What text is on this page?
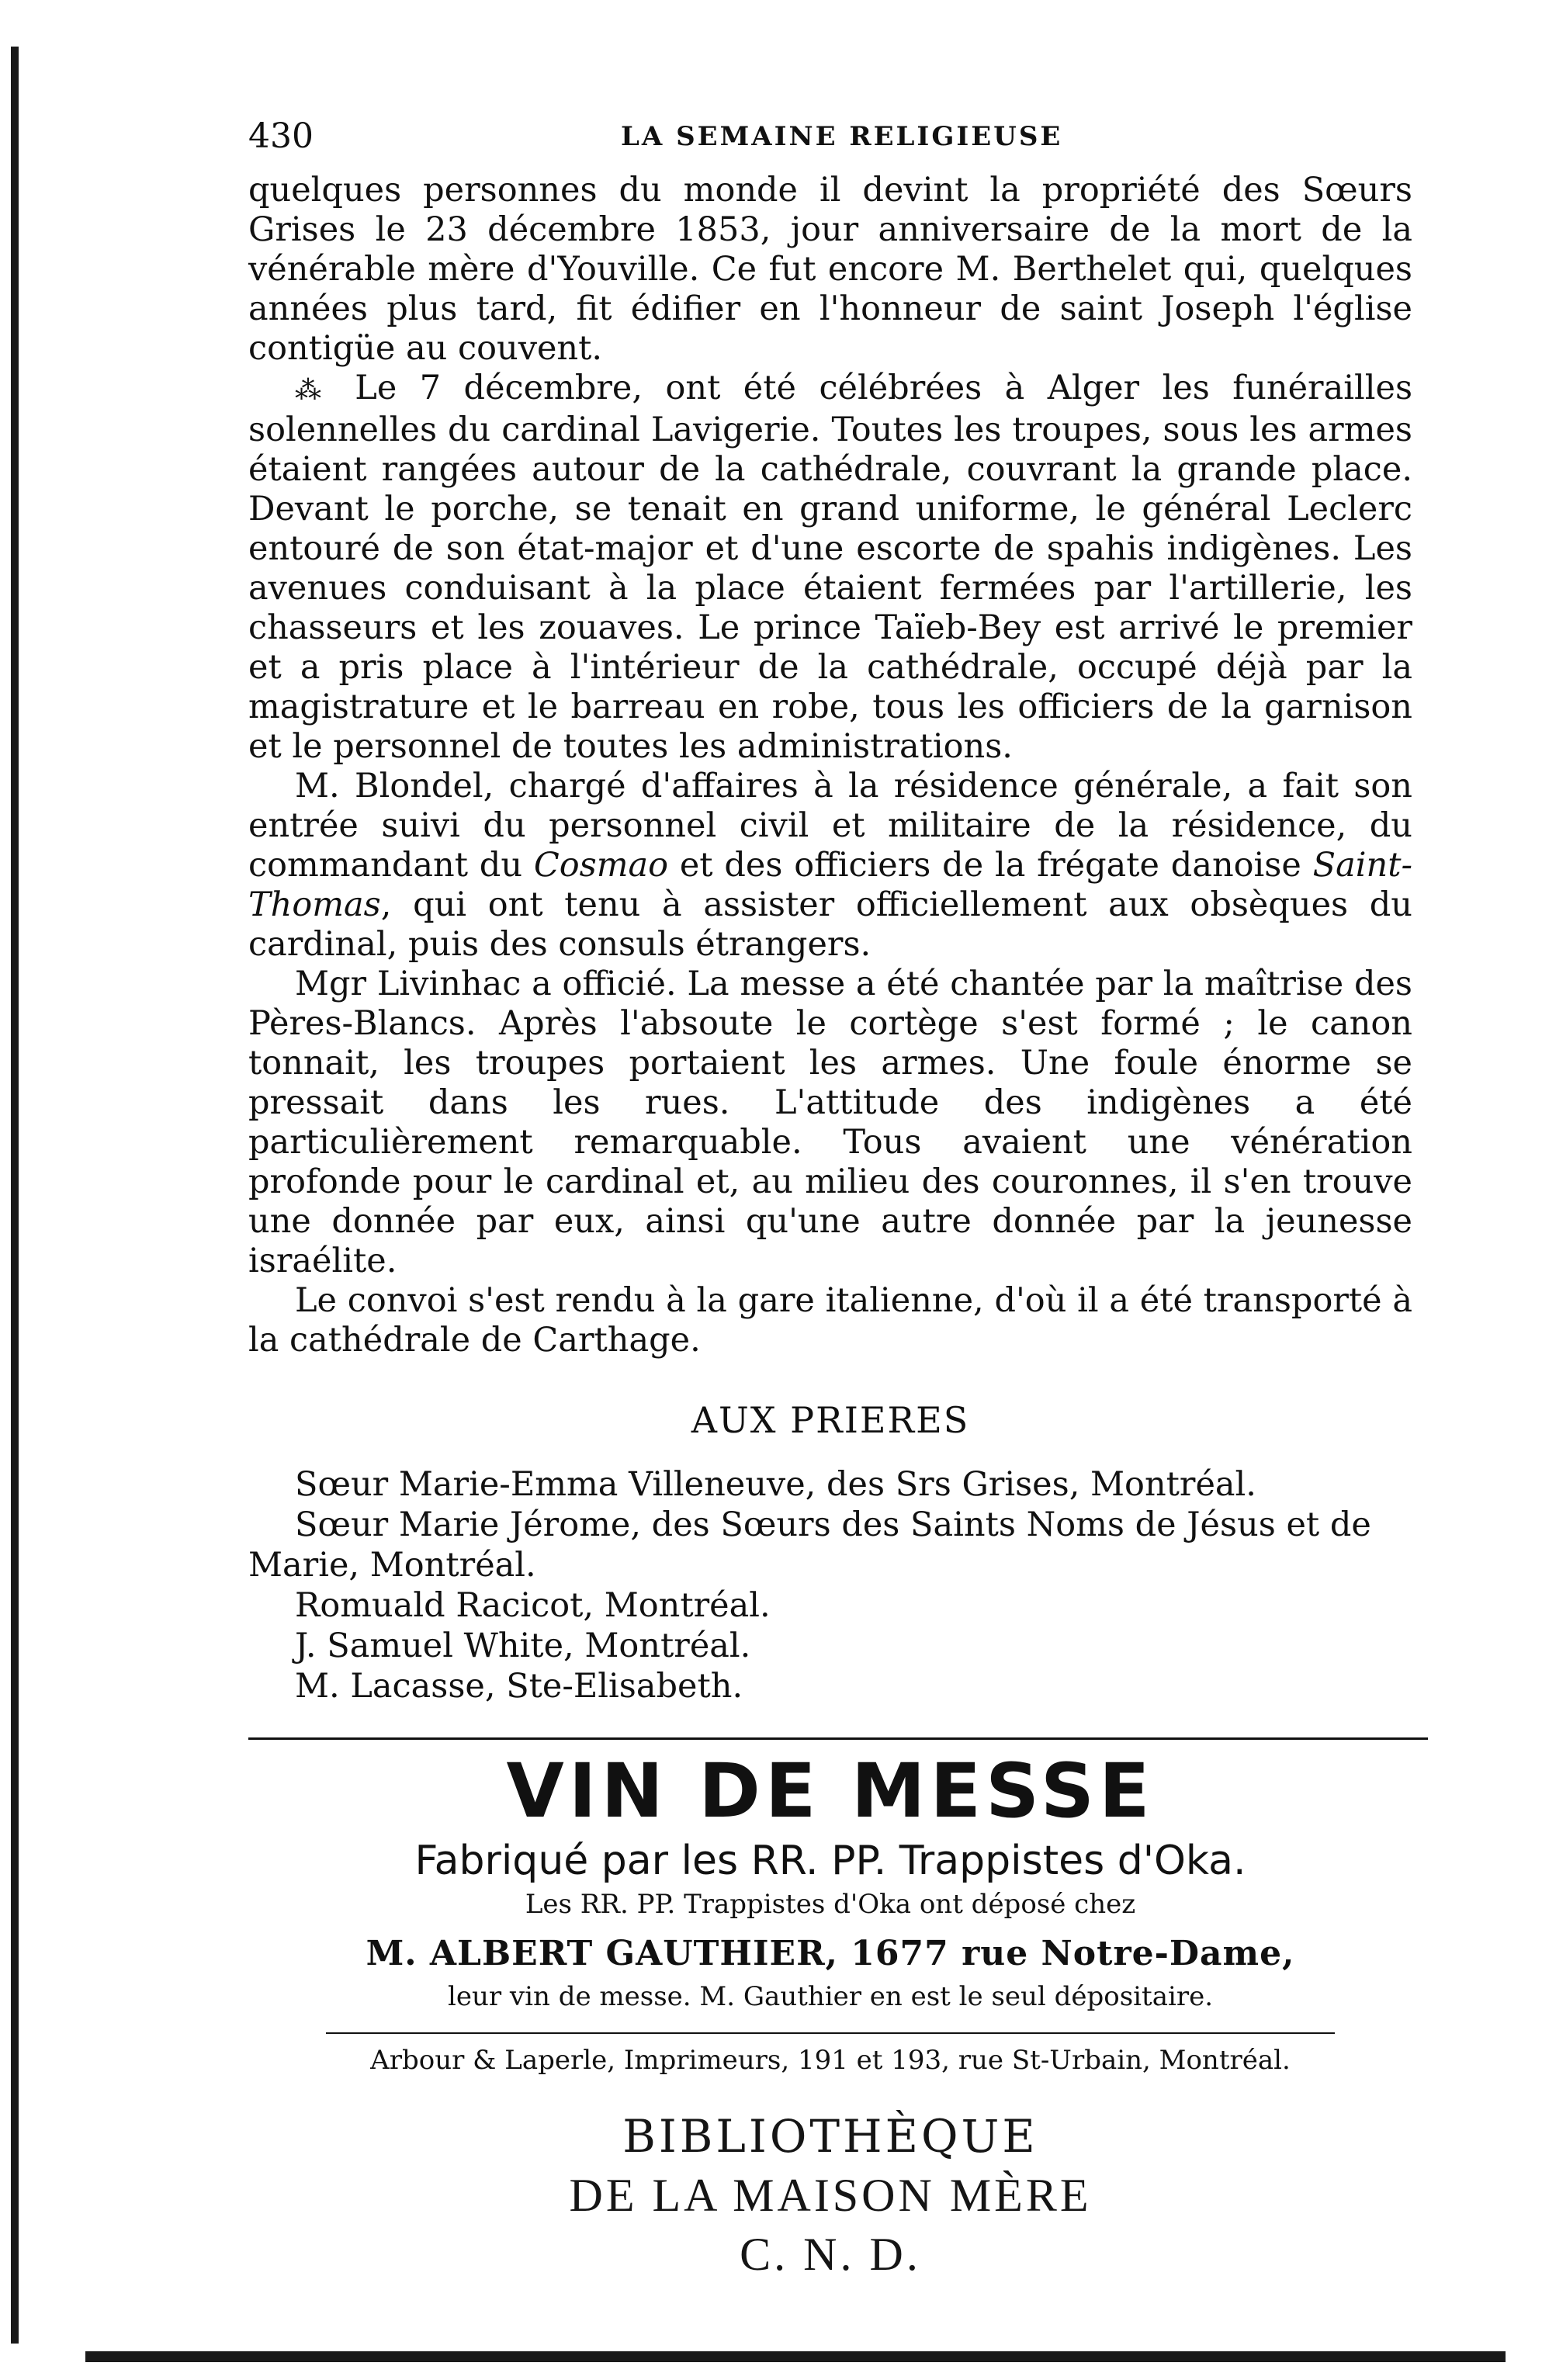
430	LA SEMAINE RELIGIEUSE

quelques personnes du monde il devint la propriété des Sœurs Grises le 23 décembre 1853, jour anniversaire de la mort de la vénérable mère d'Youville. Ce fut encore M. Berthelet qui, quelques années plus tard, fit édifier en l'honneur de saint Joseph l'église contigüe au couvent.

⁂ Le 7 décembre, ont été célébrées à Alger les funérailles solennelles du cardinal Lavigerie. Toutes les troupes, sous les armes étaient rangées autour de la cathédrale, couvrant la grande place. Devant le porche, se tenait en grand uniforme, le général Leclerc entouré de son état-major et d'une escorte de spahis indigènes. Les avenues conduisant à la place étaient fermées par l'artillerie, les chasseurs et les zouaves. Le prince Taïeb-Bey est arrivé le premier et a pris place à l'intérieur de la cathédrale, occupé déjà par la magistrature et le barreau en robe, tous les officiers de la garnison et le personnel de toutes les administrations.

M. Blondel, chargé d'affaires à la résidence générale, a fait son entrée suivi du personnel civil et militaire de la résidence, du commandant du Cosmao et des officiers de la frégate danoise Saint-Thomas, qui ont tenu à assister officiellement aux obsèques du cardinal, puis des consuls étrangers.

Mgr Livinhac a officié. La messe a été chantée par la maîtrise des Pères-Blancs. Après l'absoute le cortège s'est formé ; le canon tonnait, les troupes portaient les armes. Une foule énorme se pressait dans les rues. L'attitude des indigènes a été particulièrement remarquable. Tous avaient une vénération profonde pour le cardinal et, au milieu des couronnes, il s'en trouve une donnée par eux, ainsi qu'une autre donnée par la jeunesse israélite.

Le convoi s'est rendu à la gare italienne, d'où il a été transporté à la cathédrale de Carthage.

AUX PRIERES
Sœur Marie-Emma Villeneuve, des Srs Grises, Montréal.
Sœur Marie Jérome, des Sœurs des Saints Noms de Jésus et de Marie, Montréal.
Romuald Racicot, Montréal.
J. Samuel White, Montréal.
M. Lacasse, Ste-Elisabeth.
VIN DE MESSE
Fabriqué par les RR. PP. Trappistes d'Oka.
Les RR. PP. Trappistes d'Oka ont déposé chez
M. ALBERT GAUTHIER, 1677 rue Notre-Dame,
leur vin de messe. M. Gauthier en est le seul dépositaire.
Arbour & Laperle, Imprimeurs, 191 et 193, rue St-Urbain, Montréal.
BIBLIOTHÈQUE
DE LA MAISON MÈRE
C. N. D.
